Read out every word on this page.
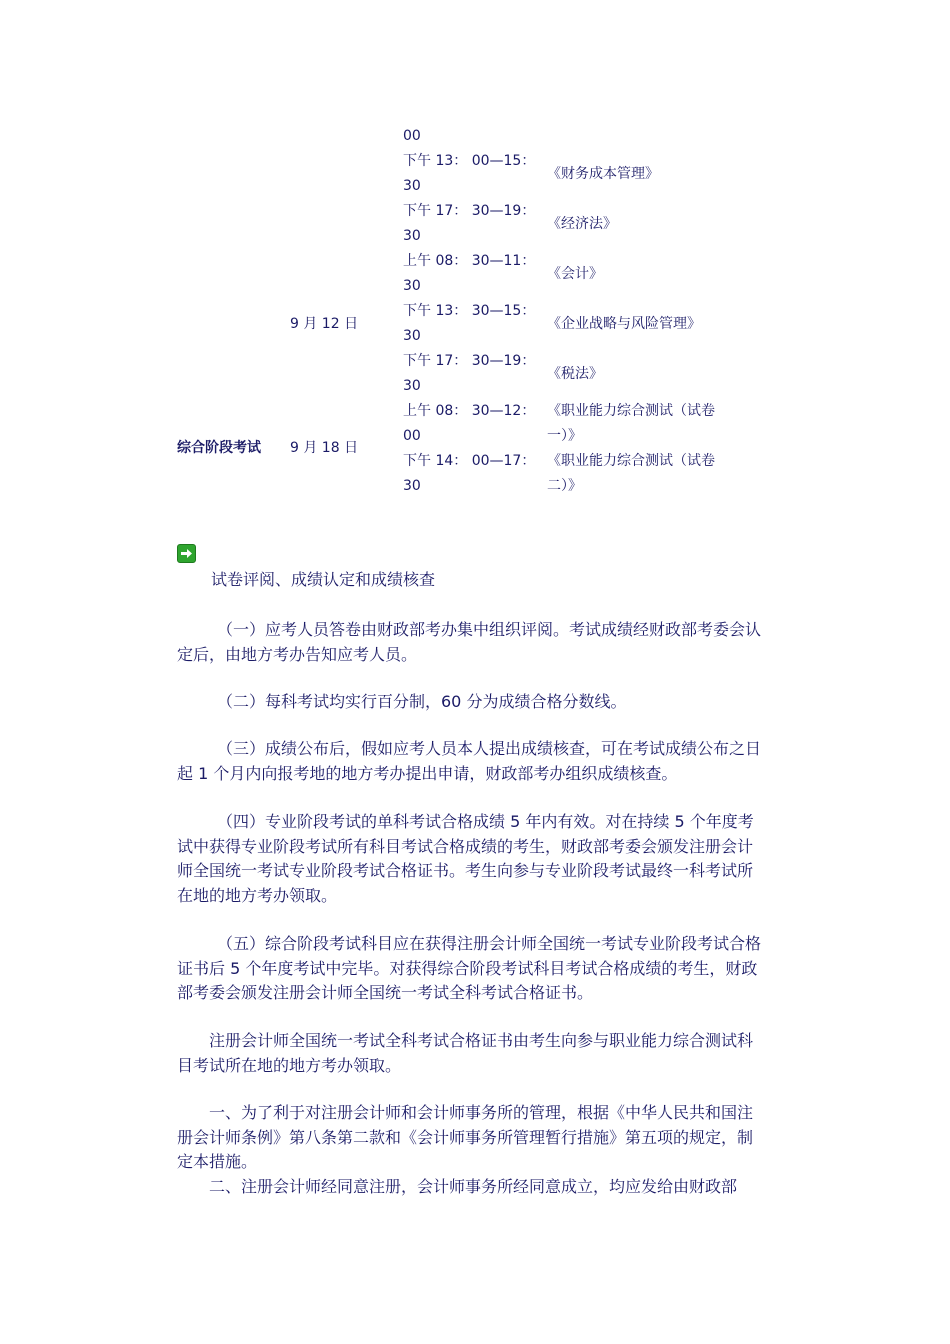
00
下午 13： 00—15：
30
《财务成本管理》
下午 17： 30—19：
30
《经济法》
上午 08： 30—11：
30
《会计》
9 月 12 日
下午 13： 30—15：
30
《企业战略与风险管理》
下午 17： 30—19：
30
《税法》
上午 08： 30—12：
00
《职业能力综合测试（试卷
一）》
综合阶段考试 9 月 18 日
下午 14： 00—17：
30
《职业能力综合测试（试卷
二）》

试卷评阅、成绩认定和成绩核查

（一）应考人员答卷由财政部考办集中组织评阅。考试成绩经财政部考委会认定后，由地方考办告知应考人员。

（二）每科考试均实行百分制，60 分为成绩合格分数线。

（三）成绩公布后，假如应考人员本人提出成绩核查，可在考试成绩公布之日起 1 个月内向报考地的地方考办提出申请，财政部考办组织成绩核查。

（四）专业阶段考试的单科考试合格成绩 5 年内有效。对在持续 5 个年度考试中获得专业阶段考试所有科目考试合格成绩的考生，财政部考委会颁发注册会计师全国统一考试专业阶段考试合格证书。考生向参与专业阶段考试最终一科考试所在地的地方考办领取。

（五）综合阶段考试科目应在获得注册会计师全国统一考试专业阶段考试合格证书后 5 个年度考试中完毕。对获得综合阶段考试科目考试合格成绩的考生，财政部考委会颁发注册会计师全国统一考试全科考试合格证书。

注册会计师全国统一考试全科考试合格证书由考生向参与职业能力综合测试科目考试所在地的地方考办领取。

一、为了利于对注册会计师和会计师事务所的管理，根据《中华人民共和国注册会计师条例》第八条第二款和《会计师事务所管理暂行措施》第五项的规定，制定本措施。

二、注册会计师经同意注册，会计师事务所经同意成立，均应发给由财政部
